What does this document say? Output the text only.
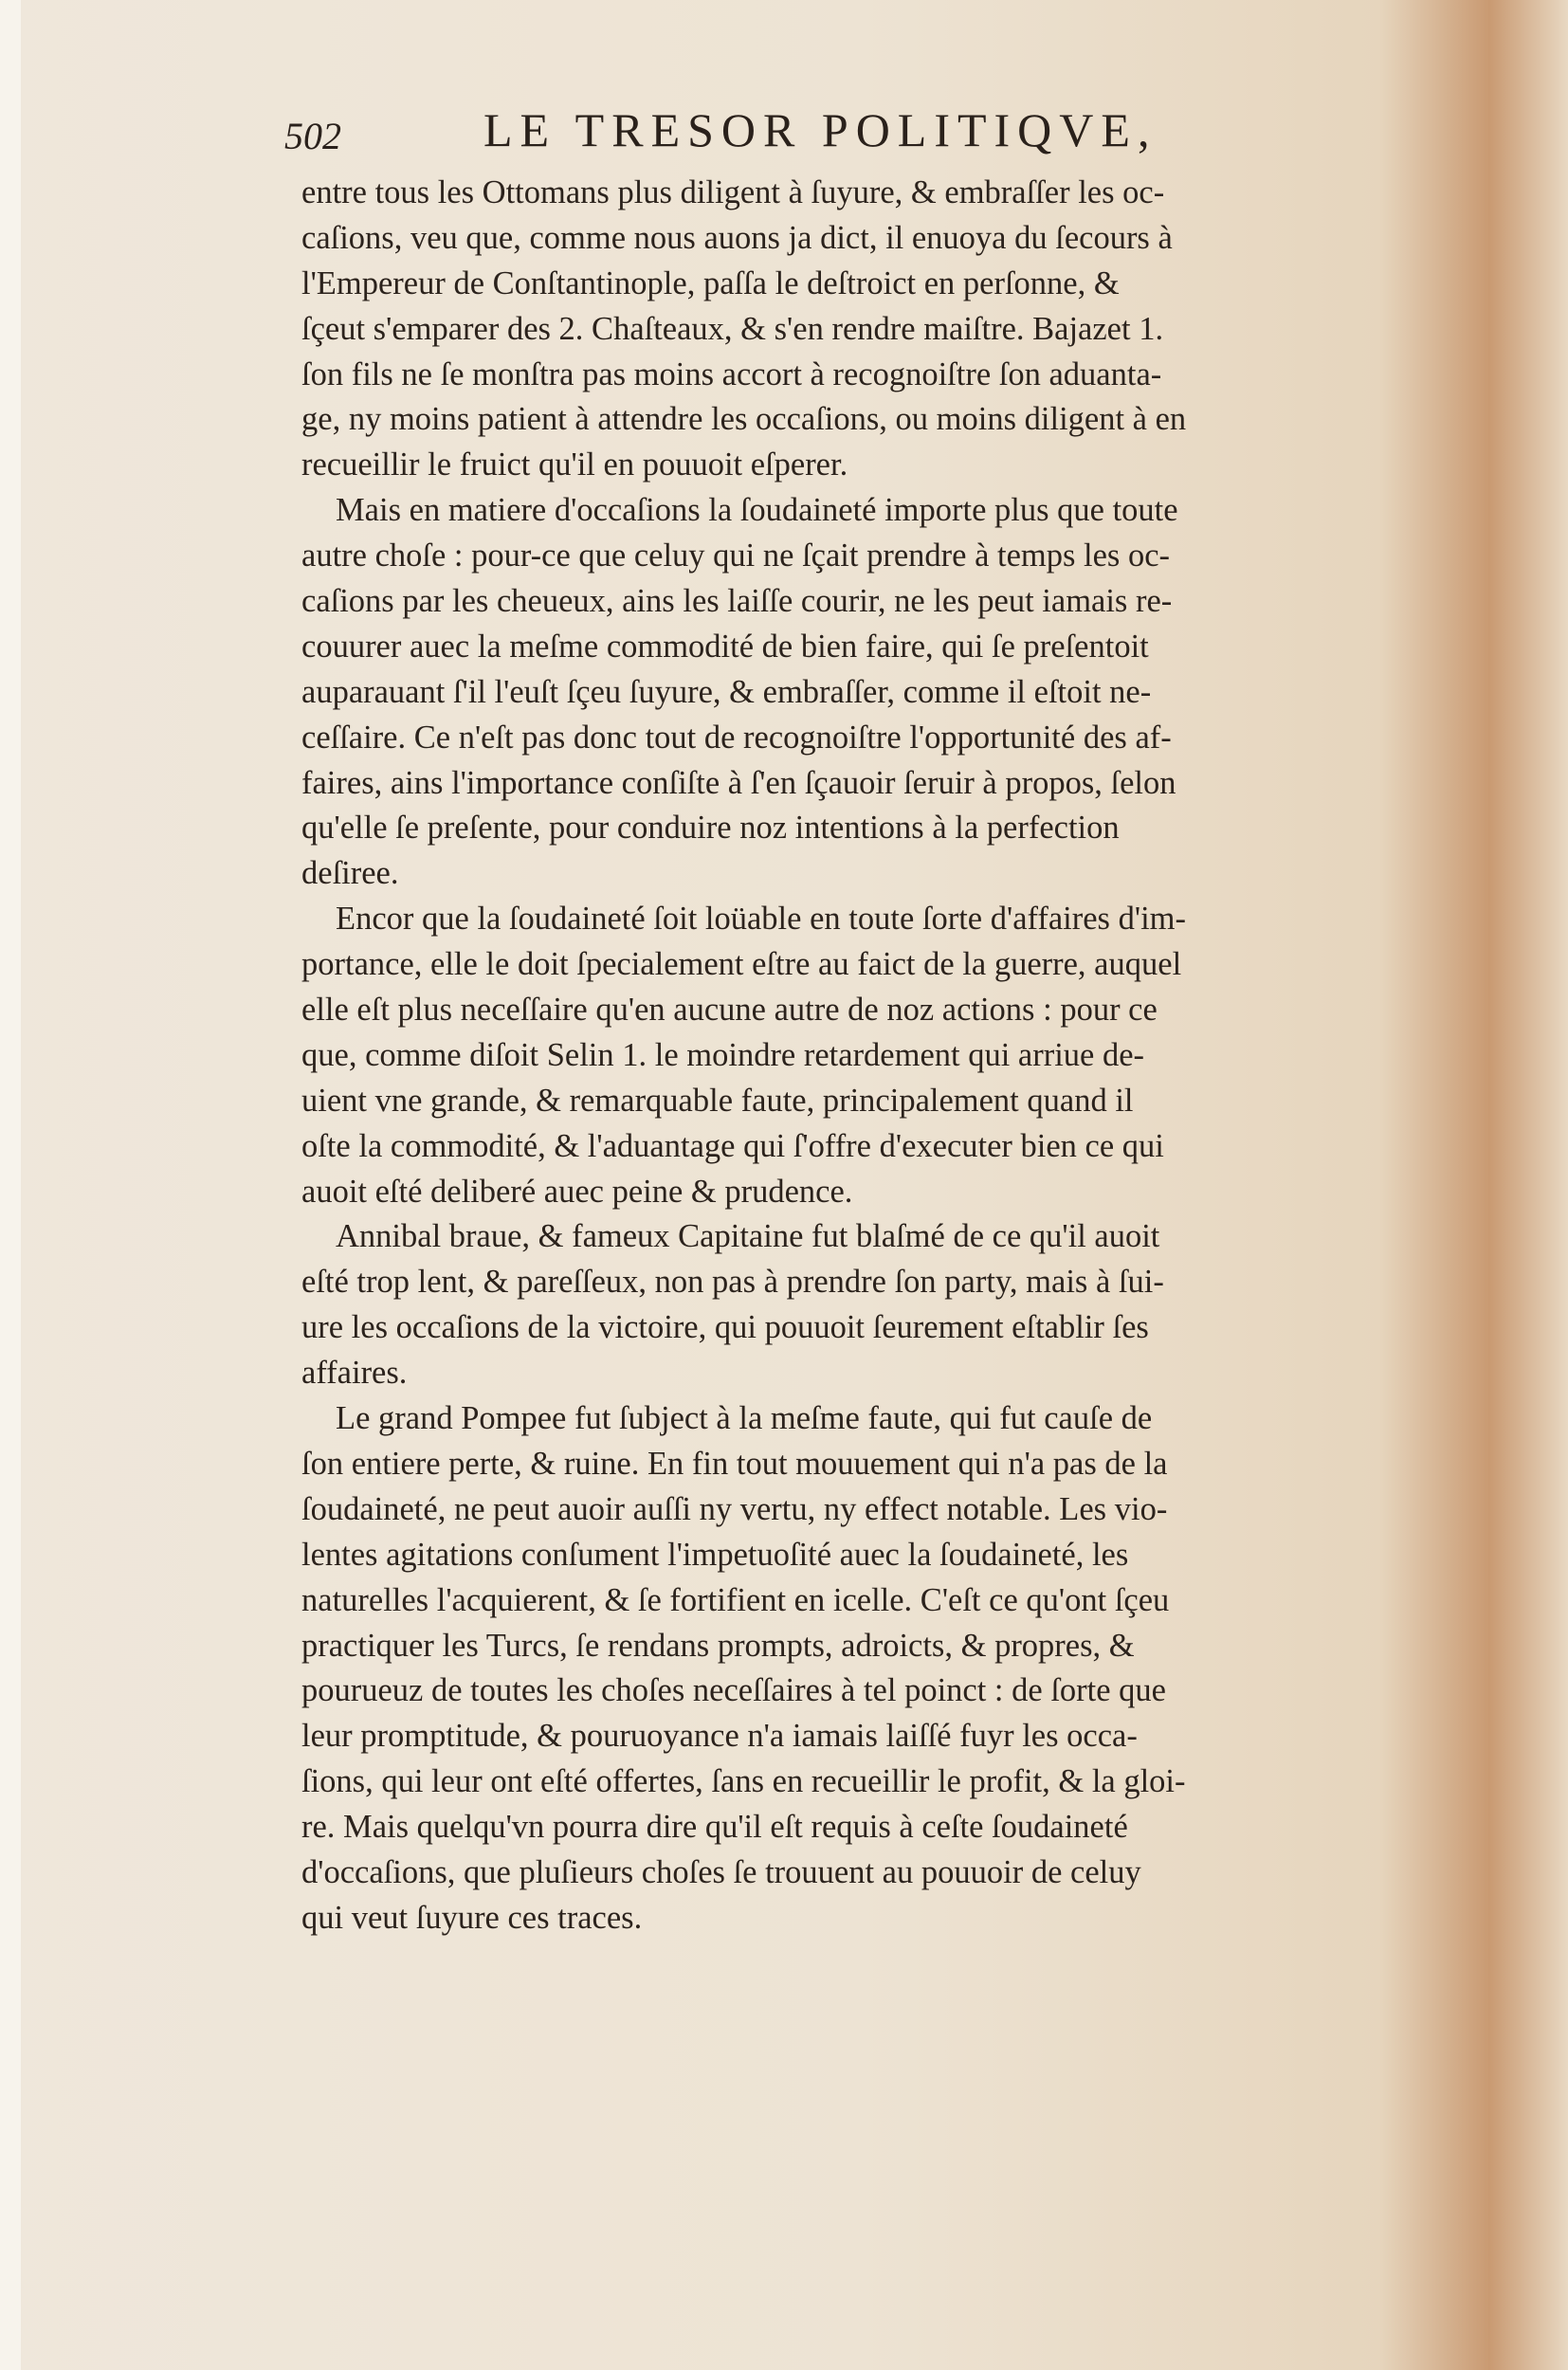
502	LE TRESOR POLITIQVE,
entre tous les Ottomans plus diligent à ſuyure, & embraſſer les oc-
caſions, veu que, comme nous auons ja dict, il enuoya du ſecours à
l'Empereur de Conſtantinople, paſſa le deſtroict en perſonne, &
ſçeut s'emparer des 2. Chaſteaux, & s'en rendre maiſtre. Bajazet 1.
ſon fils ne ſe monſtra pas moins accort à recognoiſtre ſon aduanta-
ge, ny moins patient à attendre les occaſions, ou moins diligent à en
recueillir le fruict qu'il en pouuoit eſperer.
Mais en matiere d'occaſions la ſoudaineté importe plus que toute
autre choſe : pour-ce que celuy qui ne ſçait prendre à temps les oc-
caſions par les cheueux, ains les laiſſe courir, ne les peut iamais re-
couurer auec la meſme commodité de bien faire, qui ſe preſentoit
auparauant ſ'il l'euſt ſçeu ſuyure, & embraſſer, comme il eſtoit ne-
ceſſaire. Ce n'eſt pas donc tout de recognoiſtre l'opportunité des af-
faires, ains l'importance conſiſte à ſ'en ſçauoir ſeruir à propos, ſelon
qu'elle ſe preſente, pour conduire noz intentions à la perfection
deſiree.
Encor que la ſoudaineté ſoit loüable en toute ſorte d'affaires d'im-
portance, elle le doit ſpecialement eſtre au faict de la guerre, auquel
elle eſt plus neceſſaire qu'en aucune autre de noz actions : pour ce
que, comme diſoit Selin 1. le moindre retardement qui arriue de-
uient vne grande, & remarquable faute, principalement quand il
oſte la commodité, & l'aduantage qui ſ'offre d'executer bien ce qui
auoit eſté deliberé auec peine & prudence.
Annibal braue, & fameux Capitaine fut blaſmé de ce qu'il auoit
eſté trop lent, & pareſſeux, non pas à prendre ſon party, mais à ſui-
ure les occaſions de la victoire, qui pouuoit ſeurement eſtablir ſes
affaires.
Le grand Pompee fut ſubject à la meſme faute, qui fut cauſe de
ſon entiere perte, & ruine. En fin tout mouuement qui n'a pas de la
ſoudaineté, ne peut auoir auſſi ny vertu, ny effect notable. Les vio-
lentes agitations conſument l'impetuoſité auec la ſoudaineté, les
naturelles l'acquierent, & ſe fortifient en icelle. C'eſt ce qu'ont ſçeu
practiquer les Turcs, ſe rendans prompts, adroicts, & propres, &
pourueuz de toutes les choſes neceſſaires à tel poinct : de ſorte que
leur promptitude, & pouruoyance n'a iamais laiſſé fuyr les occa-
ſions, qui leur ont eſté offertes, ſans en recueillir le profit, & la gloi-
re. Mais quelqu'vn pourra dire qu'il eſt requis à ceſte ſoudaineté
d'occaſions, que pluſieurs choſes ſe trouuent au pouuoir de celuy
qui veut ſuyure ces traces.
